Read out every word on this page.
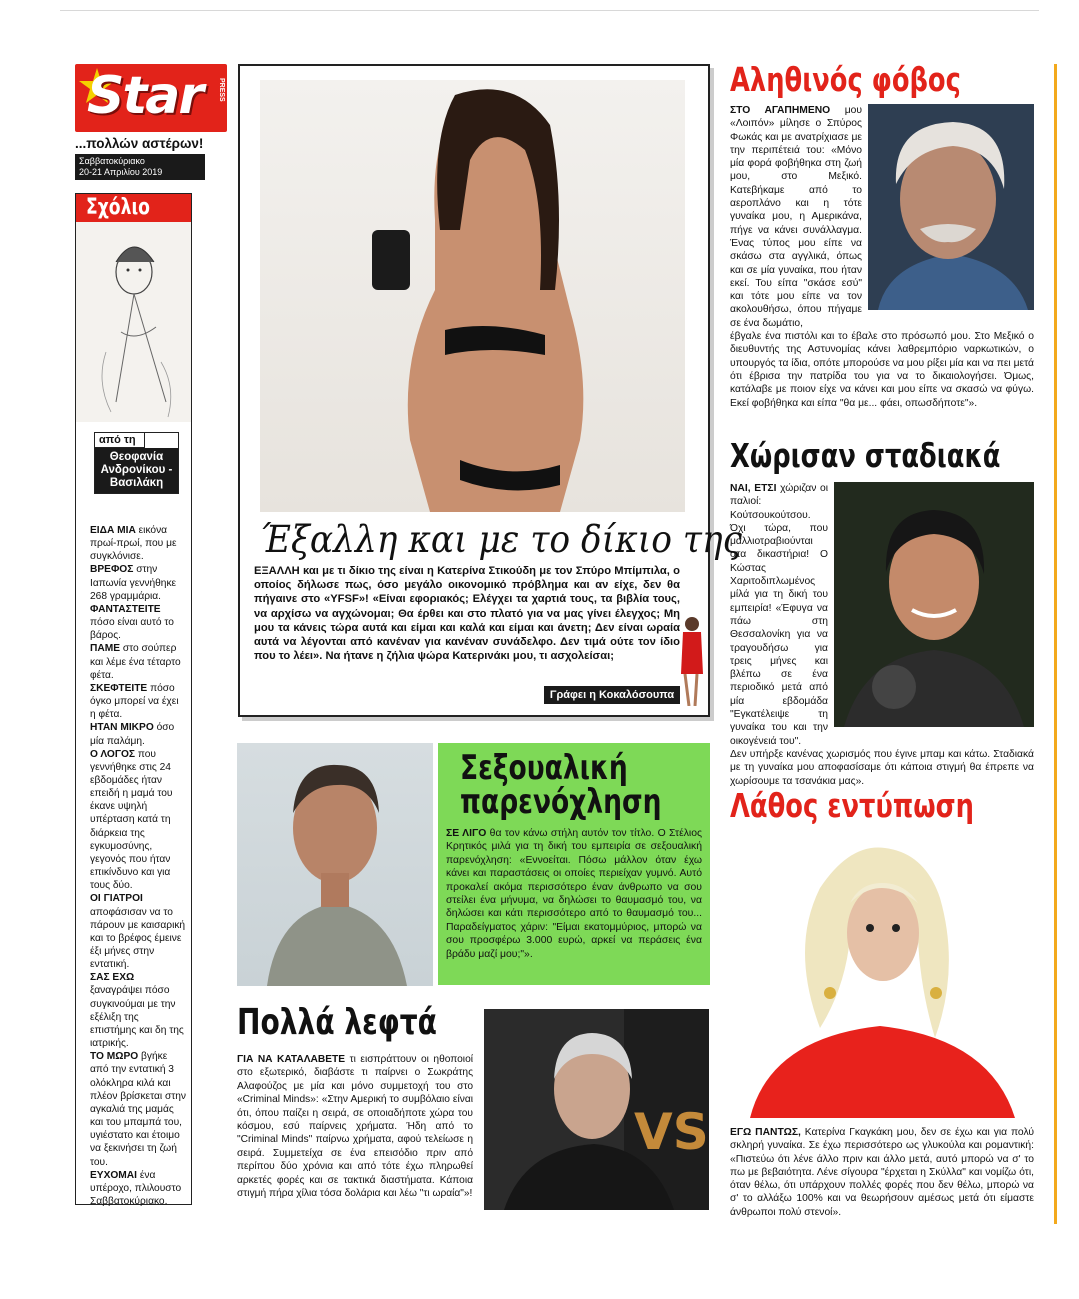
Star PRESS
...πολλών αστέρων!
Σαββατοκύριακο
20-21 Απριλίου 2019
Σχόλιο
από τη
Θεοφανία Ανδρονίκου - Βασιλάκη

ΕΙΔΑ ΜΙΑ εικόνα πρωί-πρωί, που με συγκλόνισε.

ΒΡΕΦΟΣ στην Ιαπωνία γεννήθηκε 268 γραμμάρια.

ΦΑΝΤΑΣΤΕΙΤΕ πόσο είναι αυτό το βάρος.

ΠΑΜΕ στο σούπερ και λέμε ένα τέταρτο φέτα.

ΣΚΕΦΤΕΙΤΕ πόσο όγκο μπορεί να έχει η φέτα.

ΗΤΑΝ ΜΙΚΡΟ όσο μία παλάμη.

Ο ΛΟΓΟΣ που γεννήθηκε στις 24 εβδομάδες ήταν επειδή η μαμά του έκανε υψηλή υπέρταση κατά τη διάρκεια της εγκυμοσύνης, γεγονός που ήταν επικίνδυνο και για τους δύο.

ΟΙ ΓΙΑΤΡΟΙ αποφάσισαν να το πάρουν με καισαρική και το βρέφος έμεινε έξι μήνες στην εντατική.

ΣΑΣ ΕΧΩ ξαναγράψει πόσο συγκινούμαι με την εξέλιξη της επιστήμης και δη της ιατρικής.

ΤΟ ΜΩΡΟ βγήκε από την εντατική 3 ολόκληρα κιλά και πλέον βρίσκεται στην αγκαλιά της μαμάς και του μπαμπά του, υγιέστατο και έτοιμο να ξεκινήσει τη ζωή του.

ΕΥΧΟΜΑΙ ένα υπέροχο, πλιλουστο Σαββατοκύριακο.

Έξαλλη και με το δίκιο της
ΕΞΑΛΛΗ και με τι δίκιο της είναι η Κατερίνα Στικούδη με τον Σπύρο Μπίμπιλα, ο οποίος δήλωσε πως, όσο μεγάλο οικονομικό πρόβλημα και αν είχε, δεν θα πήγαινε στο «YFSF»! «Είναι εφοριακός; Ελέγχει τα χαρτιά τους, τα βιβλία τους, να αρχίσω να αγχώνομαι; Θα έρθει και στο πλατό για να μας γίνει έλεγχος; Μη μου τα κάνεις τώρα αυτά και είμαι και καλά και είμαι και άνετη; Δεν είναι ωραία αυτά να λέγονται από κανέναν για κανέναν συνάδελφο. Δεν τιμά ούτε τον ίδιο που το λέει». Να ήτανε η ζήλια ψώρα Κατερινάκι μου, τι ασχολείσαι;
Γράφει η Κοκαλόσουπα
Σεξουαλική
παρενόχληση

ΣΕ ΛΙΓΟ θα τον κάνω στήλη αυτόν τον τίτλο. Ο Στέλιος Κρητικός μιλά για τη δική του εμπειρία σε σεξουαλική παρενόχληση: «Εννοείται. Πόσω μάλλον όταν έχω κάνει και παραστάσεις οι οποίες περιείχαν γυμνό. Αυτό προκαλεί ακόμα περισσότερο έναν άνθρωπο να σου στείλει ένα μήνυμα, να δηλώσει το θαυμασμό του, να δηλώσει και κάτι περισσότερο από το θαυμασμό του... Παραδείγματος χάριν: "Είμαι εκατομμύριος, μπορώ να σου προσφέρω 3.000 ευρώ, αρκεί να περάσεις ένα βράδυ μαζί μου;"».

Πολλά λεφτά

ΓΙΑ ΝΑ ΚΑΤΑΛΑΒΕΤΕ τι εισπράττουν οι ηθοποιοί στο εξωτερικό, διαβάστε τι παίρνει ο Σωκράτης Αλαφούζος με μία και μόνο συμμετοχή του στο «Criminal Minds»: «Στην Αμερική το συμβόλαιο είναι ότι, όπου παίζει η σειρά, σε οποιαδήποτε χώρα του κόσμου, εσύ παίρνεις χρήματα. Ήδη από το "Criminal Minds" παίρνω χρήματα, αφού τελείωσε η σειρά. Συμμετείχα σε ένα επεισόδιο πριν από περίπου δύο χρόνια και από τότε έχω πληρωθεί αρκετές φορές και σε τακτικά διαστήματα. Κάποια στιγμή πήρα χίλια τόσα δολάρια και λέω "τι ωραία"»!

VS
Αληθινός φόβος

ΣΤΟ ΑΓΑΠΗΜΕΝΟ μου «Λοιπόν» μίλησε ο Σπύρος Φωκάς και με ανατρίχιασε με την περιπέτειά του: «Μόνο μία φορά φοβήθηκα στη ζωή μου, στο Μεξικό. Κατεβήκαμε από το αεροπλάνο και η τότε γυναίκα μου, η Αμερικάνα, πήγε να κάνει συνάλλαγμα. Ένας τύπος μου είπε να σκάσω στα αγγλικά, όπως και σε μία γυναίκα, που ήταν εκεί. Του είπα "σκάσε εσύ" και τότε μου είπε να τον ακολουθήσω, όπου πήγαμε σε ένα δωμάτιο,

έβγαλε ένα πιστόλι και το έβαλε στο πρόσωπό μου. Στο Μεξικό ο διευθυντής της Αστυνομίας κάνει λαθρεμπόριο ναρκωτικών, ο υπουργός τα ίδια, οπότε μπορούσε να μου ρίξει μία και να πει μετά ότι έβρισα την πατρίδα του για να το δικαιολογήσει. Όμως, κατάλαβε με ποιον είχε να κάνει και μου είπε να σκασώ να φύγω. Εκεί φοβήθηκα και είπα "θα με... φάει, οπωσδήποτε"».

Χώρισαν σταδιακά

ΝΑΙ, ΕΤΣΙ χώριζαν οι παλιοί: Κούτσουκούτσου. Όχι τώρα, που μαλλιοτραβιούνται στα δικαστήρια! Ο Κώστας Χαριτοδιπλωμένος μίλά για τη δική του εμπειρία! «Έφυγα να πάω στη Θεσσαλονίκη για να τραγουδήσω για τρεις μήνες και βλέπω σε ένα περιοδικό μετά από μία εβδομάδα "Εγκατέλειψε τη γυναίκα του και την οικογένειά του".

Δεν υπήρξε κανένας χωρισμός που έγινε μπαμ και κάτω. Σταδιακά με τη γυναίκα μου αποφασίσαμε ότι κάποια στιγμή θα έπρεπε να χωρίσουμε τα τσανάκια μας».

Λάθος εντύπωση

ΕΓΩ ΠΑΝΤΩΣ, Κατερίνα Γκαγκάκη μου, δεν σε έχω και για πολύ σκληρή γυναίκα. Σε έχω περισσότερο ως γλυκούλα και ρομαντική: «Πιστεύω ότι λένε άλλο πριν και άλλο μετά, αυτό μπορώ να σ' το πω με βεβαιότητα. Λένε σίγουρα "έρχεται η Σκύλλα" και νομίζω ότι, όταν θέλω, ότι υπάρχουν πολλές φορές που δεν θέλω, μπορώ να σ' το αλλάξω 100% και να θεωρήσουν αμέσως μετά ότι είμαστε άνθρωποι πολύ στενοί».
